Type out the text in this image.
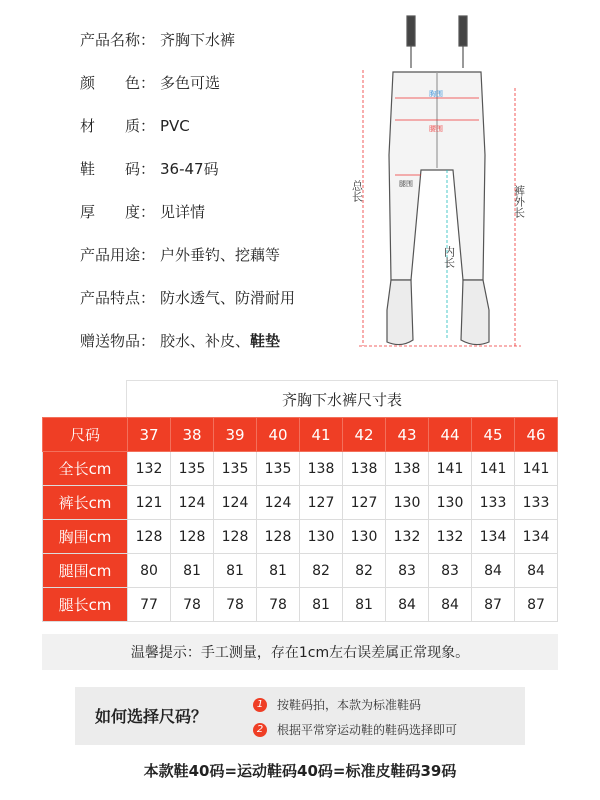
产品名称： 齐胸下水裤
颜　　色： 多色可选
材　　质： PVC
鞋　　码： 36-47码
厚　　度： 见详情
产品用途： 户外垂钓、挖藕等
产品特点： 防水透气、防滑耐用
赠送物品： 胶水、补皮、鞋垫
总长	裤外长
内长
胸围
腰围
腿围
齐胸下水裤尺寸表
尺码	37	38	39	40	41	42	43	44	45	46
全长cm	132	135	135	135	138	138	138	141	141	141
裤长cm	121	124	124	124	127	127	130	130	133	133
胸围cm	128	128	128	128	130	130	132	132	134	134
腿围cm	80	81	81	81	82	82	83	83	84	84
腿长cm	77	78	78	78	81	81	84	84	87	87
温馨提示：手工测量，存在1cm左右误差属正常现象。
如何选择尺码？
1	按鞋码拍，本款为标准鞋码
2	根据平常穿运动鞋的鞋码选择即可
本款鞋40码=运动鞋码40码=标准皮鞋码39码
